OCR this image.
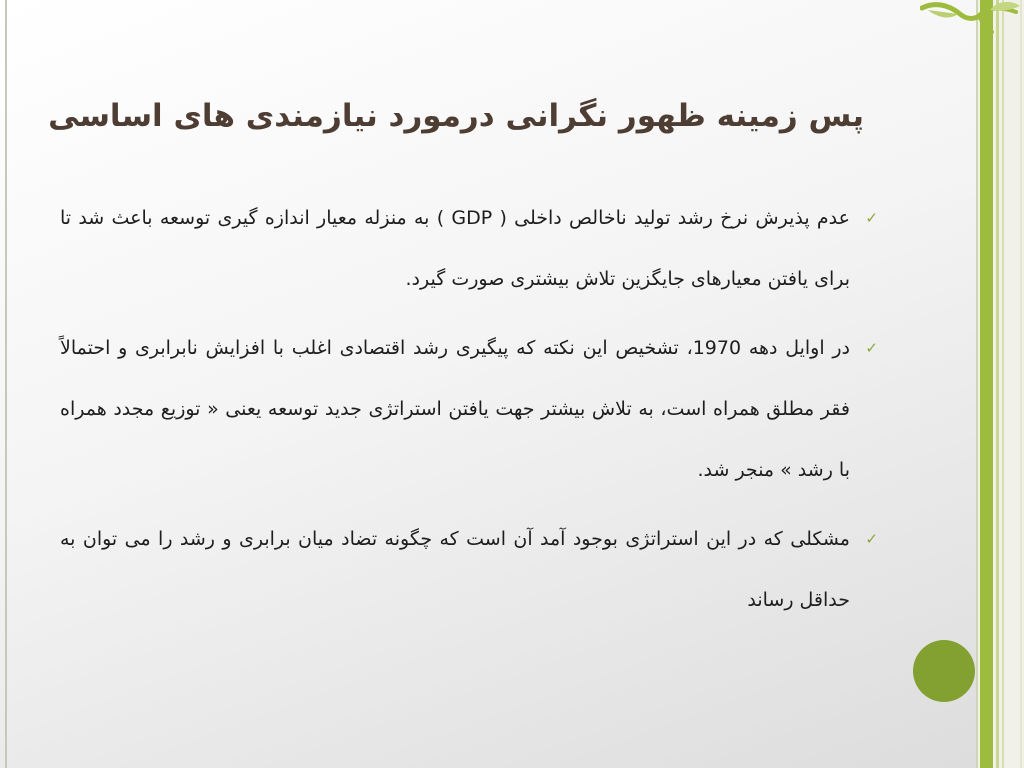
پس زمینه ظهور نگرانی درمورد نیازمندی های اساسی
✓
عدم پذیرش نرخ رشد تولید ناخالص داخلی ( GDP ) به منزله معیار اندازه گیری توسعه باعث شد تا برای یافتن معیارهای جایگزین تلاش بیشتری صورت گیرد.
✓
در اوایل دهه 1970، تشخیص این نکته که پیگیری رشد اقتصادی اغلب با افزایش نابرابری و احتمالاً فقر مطلق همراه است، به تلاش بیشتر جهت یافتن استراتژی جدید توسعه یعنی « توزیع مجدد همراه با رشد » منجر شد.
✓
مشکلی که در این استراتژی بوجود آمد آن است که چگونه تضاد میان برابری و رشد را می توان به حداقل رساند
